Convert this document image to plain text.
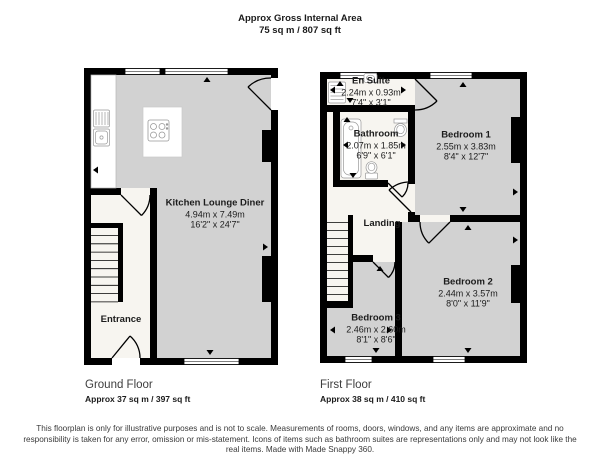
Approx Gross Internal Area
75 sq m / 807 sq ft
Kitchen Lounge Diner
4.94m x 7.49m
16'2" x 24'7"
Entrance
En Suite
2.24m x 0.93m
7'4" x 3'1"
Bathroom
2.07m x 1.85m
6'9" x 6'1"
Bedroom 1
2.55m x 3.83m
8'4" x 12'7"
Landing
Bedroom 2
2.44m x 3.57m
8'0" x 11'9"
Bedroom 3
2.46m x 2.60m
8'1" x 8'6"
Ground Floor
Approx 37 sq m / 397 sq ft
First Floor
Approx 38 sq m / 410 sq ft
This floorplan is only for illustrative purposes and is not to scale. Measurements of rooms, doors, windows, and any items are approximate and no responsibility is taken for any error, omission or mis-statement. Icons of items such as bathroom suites are representations only and may not look like the real items. Made with Made Snappy 360.
